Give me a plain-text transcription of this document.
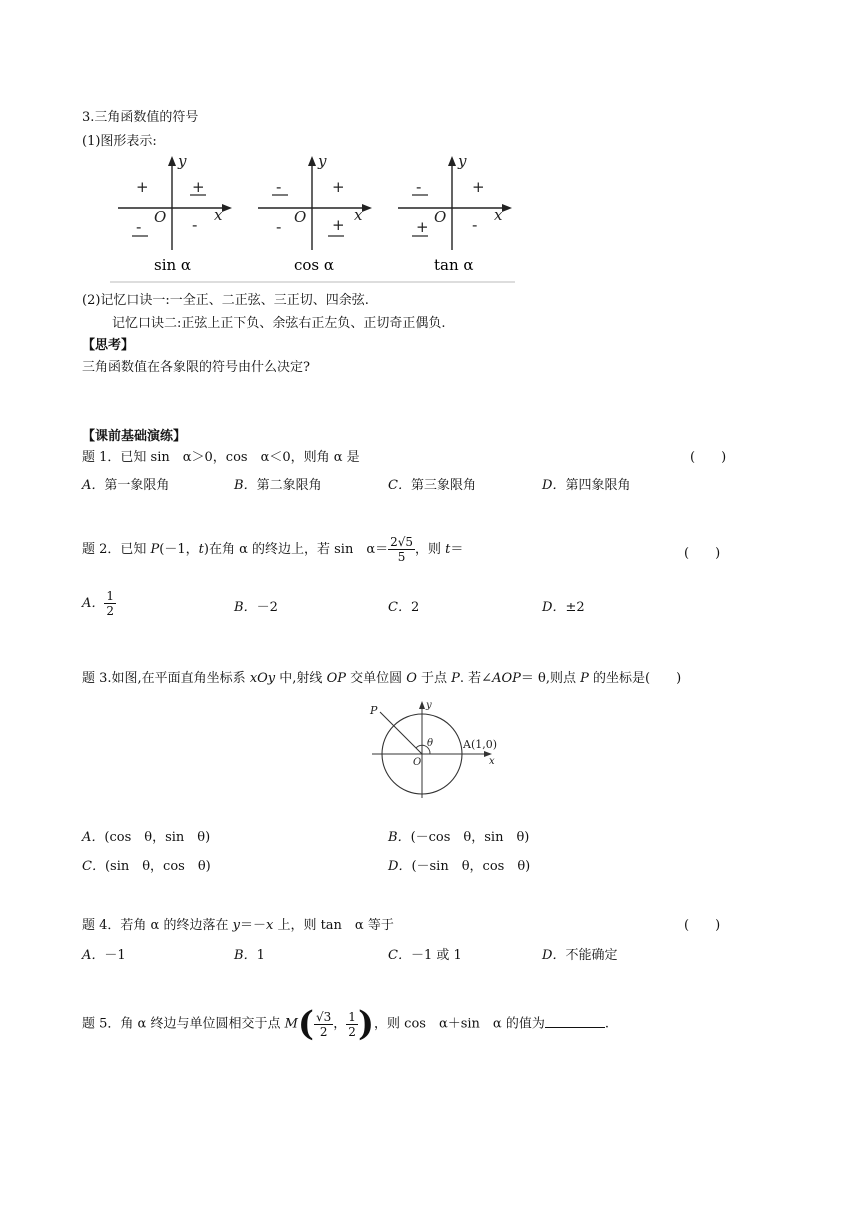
3.三角函数值的符号
(1)图形表示:
y
x
O
+	+
-	-
sin α
y
x
O
-	+
-	+
cos α
y
x
O
-	+
+	-
tan α
(2)记忆口诀一:一全正、二正弦、三正切、四余弦.
记忆口诀二:正弦上正下负、余弦右正左负、正切奇正偶负.
【思考】
三角函数值在各象限的符号由什么决定?
【课前基础演练】
题 1．已知 sin　α＞0，cos　α＜0，则角 α 是	(　　)
A．第一象限角	B．第二象限角	C．第三象限角	D．第四象限角
题 2．已知 P(－1，t)在角 α 的终边上，若 sin　$\alpha= \frac{2√5}{5}$ ，则 t＝	(　　)
A． $\frac{1}{2}$	B．－2	C．2	D．±2
题 3.如图,在平面直角坐标系 xOy 中,射线 OP 交单位圆 O 于点 P. 若∠AOP＝ θ,则点 P 的坐标是(　　)
P	y
θ	A(1,0)
O	x
A．(cos　θ，sin　θ)	B．(－cos　θ，sin　θ)
C．(sin　θ，cos　θ)	D．(－sin　θ，cos　θ)
题 4．若角 α 的终边落在 y＝－x 上，则 tan　α 等于	(　　)
A．－1	B．1	C．－1 或 1	D．不能确定
题 5．角 α 终边与单位圆相交于点 $M( \frac{√3}{2}$ ， $\frac{1}{2}$ )，则 cos　α＋sin　α 的值为	.
